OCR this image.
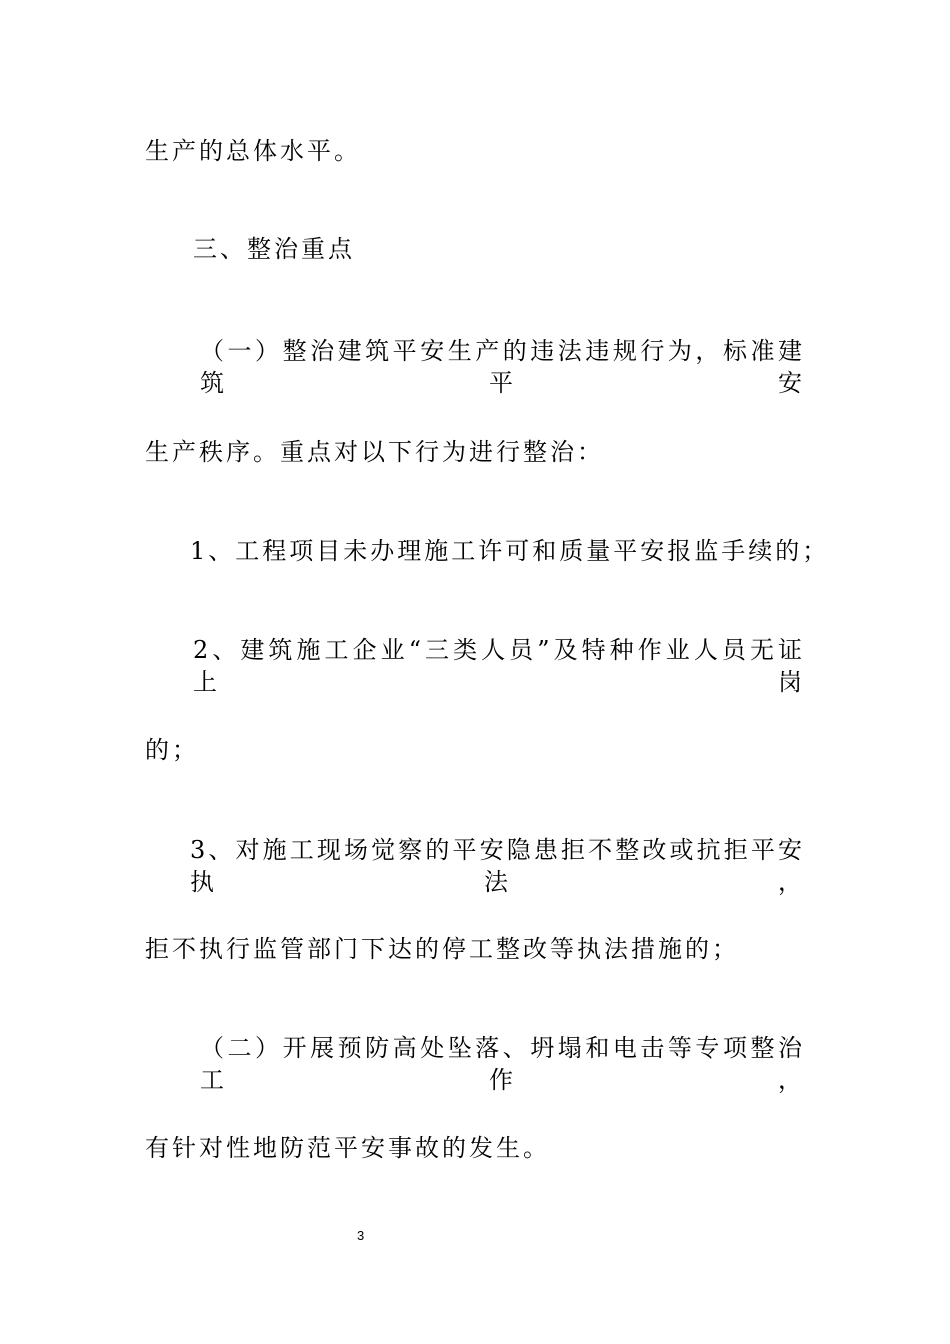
生产的总体水平。
三、整治重点
（一）整治建筑平安生产的违法违规行为，标准建筑平安
生产秩序。重点对以下行为进行整治：
1、工程项目未办理施工许可和质量平安报监手续的；
2、建筑施工企业“三类人员”及特种作业人员无证上岗
的；
3、对施工现场觉察的平安隐患拒不整改或抗拒平安执法，
拒不执行监管部门下达的停工整改等执法措施的；
（二）开展预防高处坠落、坍塌和电击等专项整治工作，
有针对性地防范平安事故的发生。
3
